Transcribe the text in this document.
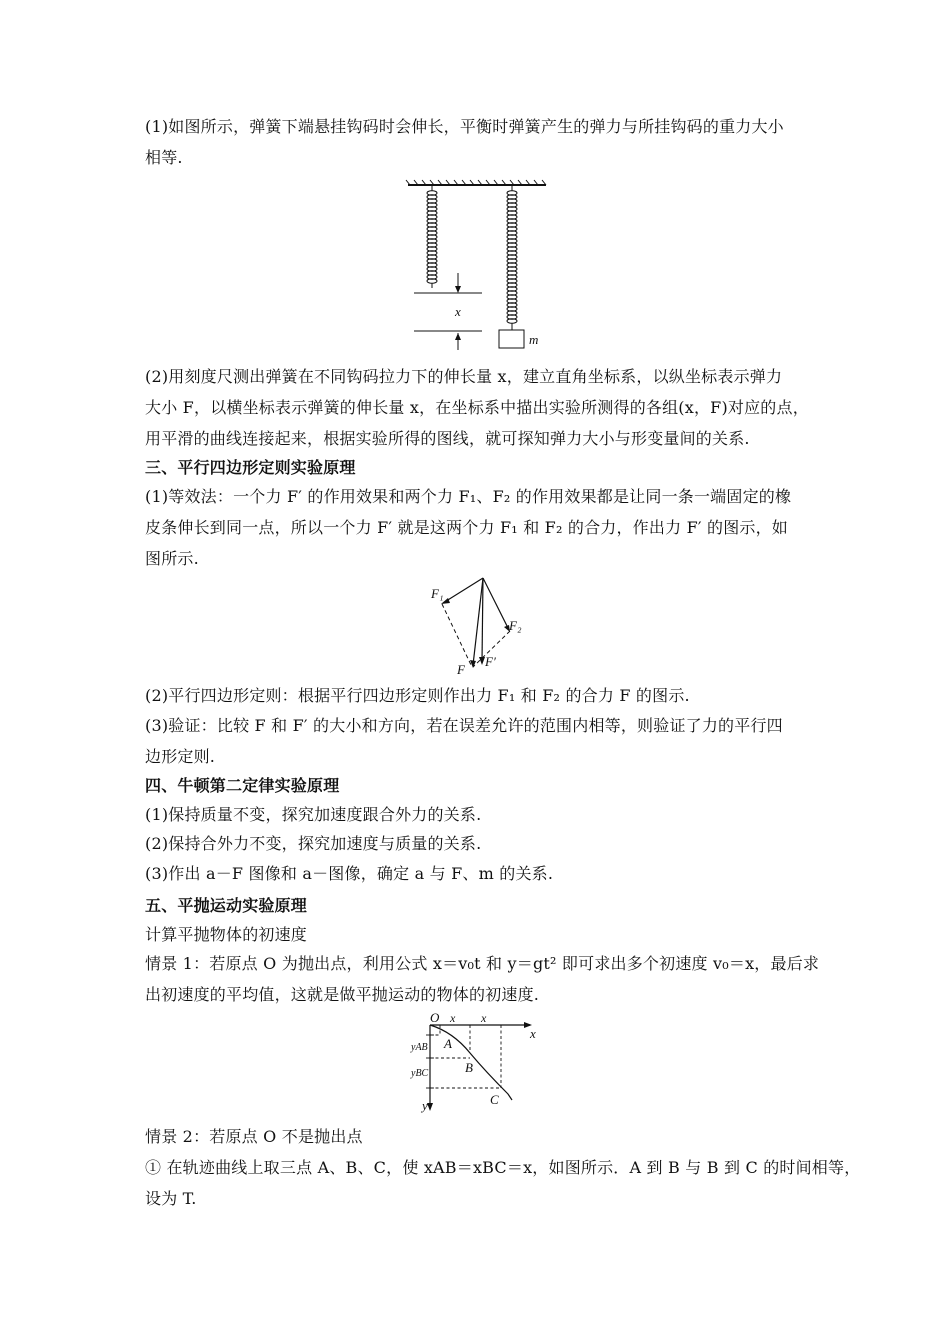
(1)如图所示，弹簧下端悬挂钩码时会伸长，平衡时弹簧产生的弹力与所挂钩码的重力大小
相等.
m
x
(2)用刻度尺测出弹簧在不同钩码拉力下的伸长量 x，建立直角坐标系，以纵坐标表示弹力
大小 F，以横坐标表示弹簧的伸长量 x，在坐标系中描出实验所测得的各组(x，F)对应的点，
用平滑的曲线连接起来，根据实验所得的图线，就可探知弹力大小与形变量间的关系.
三、平行四边形定则实验原理
(1)等效法：一个力 F′ 的作用效果和两个力 F₁、F₂ 的作用效果都是让同一条一端固定的橡
皮条伸长到同一点，所以一个力 F′ 就是这两个力 F₁ 和 F₂ 的合力，作出力 F′ 的图示，如
图所示.
F₁
F₂
F
F′
(2)平行四边形定则：根据平行四边形定则作出力 F₁ 和 F₂ 的合力 F 的图示.
(3)验证：比较 F 和 F′ 的大小和方向，若在误差允许的范围内相等，则验证了力的平行四
边形定则.
四、牛顿第二定律实验原理
(1)保持质量不变，探究加速度跟合外力的关系.
(2)保持合外力不变，探究加速度与质量的关系.
(3)作出 a－F 图像和 a－图像，确定 a 与 F、m 的关系.
五、平抛运动实验原理
计算平抛物体的初速度
情景 1：若原点 O 为抛出点，利用公式 x＝v₀t 和 y＝gt² 即可求出多个初速度 v₀＝x，最后求
出初速度的平均值，这就是做平抛运动的物体的初速度.
O x x
x
y
yAB
yBC
A
B
C
情景 2：若原点 O 不是抛出点
① 在轨迹曲线上取三点 A、B、C，使 xAB＝xBC＝x，如图所示．A 到 B 与 B 到 C 的时间相等，
设为 T.
